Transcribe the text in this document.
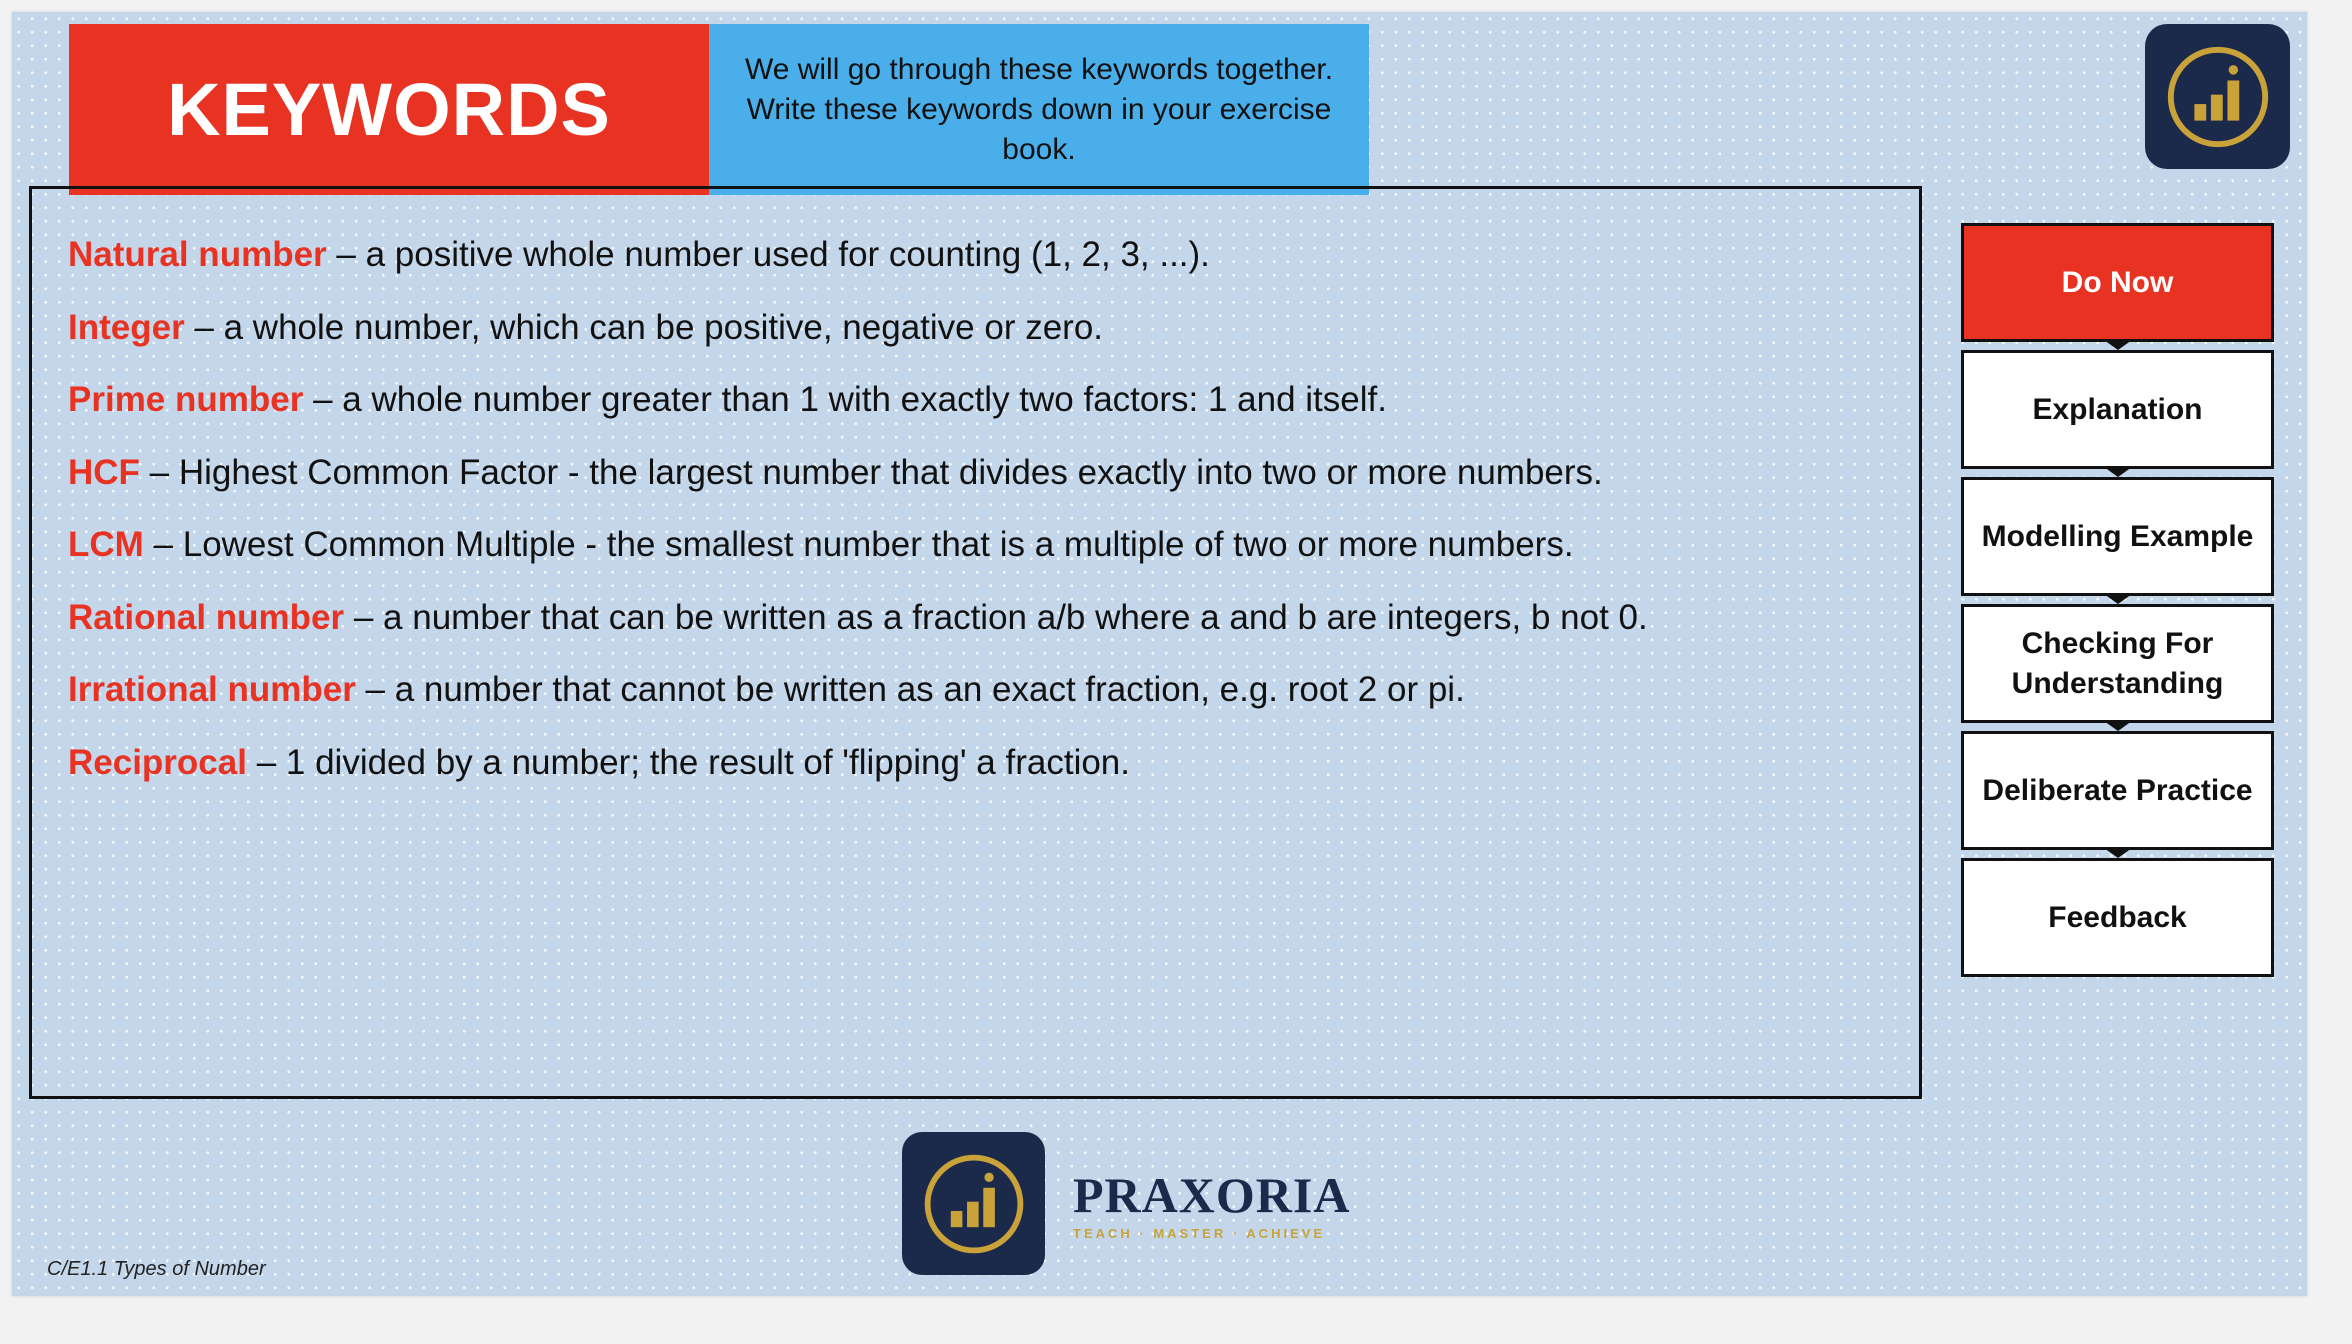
KEYWORDS	We will go through these keywords together. Write these keywords down in your exercise book.
Natural number – a positive whole number used for counting (1, 2, 3, ...).
Integer – a whole number, which can be positive, negative or zero.
Prime number – a whole number greater than 1 with exactly two factors: 1 and itself.
HCF – Highest Common Factor - the largest number that divides exactly into two or more numbers.
LCM – Lowest Common Multiple - the smallest number that is a multiple of two or more numbers.
Rational number – a number that can be written as a fraction a/b where a and b are integers, b not 0.
Irrational number – a number that cannot be written as an exact fraction, e.g. root 2 or pi.
Reciprocal – 1 divided by a number; the result of 'flipping' a fraction.
Do Now
Explanation
Modelling Example
Checking For Understanding
Deliberate Practice
Feedback
PRAXORIA
TEACH · MASTER · ACHIEVE
C/E1.1 Types of Number
